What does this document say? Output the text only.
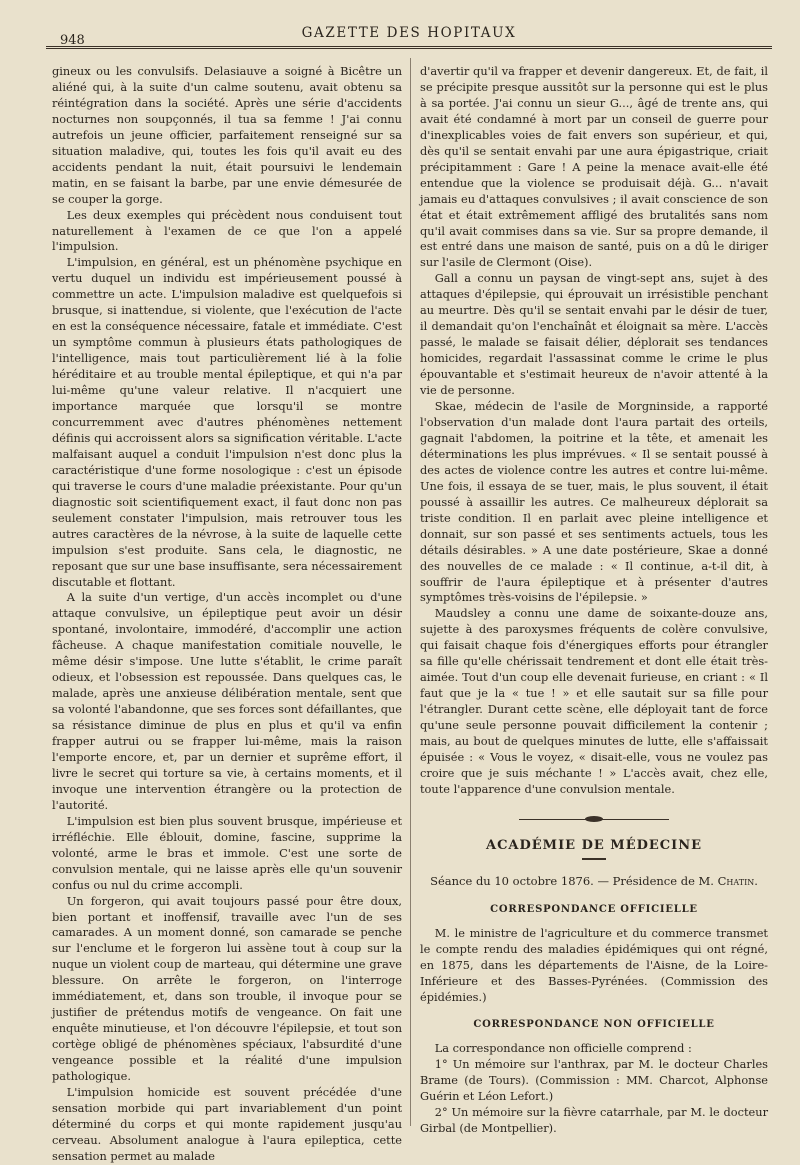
948	GAZETTE DES HOPITAUX

gineux ou les convulsifs. Delasiauve a soigné à Bicêtre un aliéné qui, à la suite d'un calme soutenu, avait obtenu sa réintégration dans la société. Après une série d'accidents nocturnes non soupçonnés, il tua sa femme ! J'ai connu autrefois un jeune officier, parfaitement renseigné sur sa situation maladive, qui, toutes les fois qu'il avait eu des accidents pendant la nuit, était poursuivi le lendemain matin, en se faisant la barbe, par une envie démesurée de se couper la gorge.

Les deux exemples qui précèdent nous conduisent tout naturellement à l'examen de ce que l'on a appelé l'impulsion.

L'impulsion, en général, est un phénomène psychique en vertu duquel un individu est impérieusement poussé à commettre un acte. L'impulsion maladive est quelquefois si brusque, si inattendue, si violente, que l'exécution de l'acte en est la conséquence nécessaire, fatale et immédiate. C'est un symptôme commun à plusieurs états pathologiques de l'intelligence, mais tout particulièrement lié à la folie héréditaire et au trouble mental épileptique, et qui n'a par lui-même qu'une valeur relative. Il n'acquiert une importance marquée que lorsqu'il se montre concurremment avec d'autres phénomènes nettement définis qui accroissent alors sa signification véritable. L'acte malfaisant auquel a conduit l'impulsion n'est donc plus la caractéristique d'une forme nosologique : c'est un épisode qui traverse le cours d'une maladie préexistante. Pour qu'un diagnostic soit scientifiquement exact, il faut donc non pas seulement constater l'impulsion, mais retrouver tous les autres caractères de la névrose, à la suite de laquelle cette impulsion s'est produite. Sans cela, le diagnostic, ne reposant que sur une base insuffisante, sera nécessairement discutable et flottant.

A la suite d'un vertige, d'un accès incomplet ou d'une attaque convulsive, un épileptique peut avoir un désir spontané, involontaire, immodéré, d'accomplir une action fâcheuse. A chaque manifestation comitiale nouvelle, le même désir s'impose. Une lutte s'établit, le crime paraît odieux, et l'obsession est repoussée. Dans quelques cas, le malade, après une anxieuse délibération mentale, sent que sa volonté l'abandonne, que ses forces sont défaillantes, que sa résistance diminue de plus en plus et qu'il va enfin frapper autrui ou se frapper lui-même, mais la raison l'emporte encore, et, par un dernier et suprême effort, il livre le secret qui torture sa vie, à certains moments, et il invoque une intervention étrangère ou la protection de l'autorité.

L'impulsion est bien plus souvent brusque, impérieuse et irréfléchie. Elle éblouit, domine, fascine, supprime la volonté, arme le bras et immole. C'est une sorte de convulsion mentale, qui ne laisse après elle qu'un souvenir confus ou nul du crime accompli.

Un forgeron, qui avait toujours passé pour être doux, bien portant et inoffensif, travaille avec l'un de ses camarades. A un moment donné, son camarade se penche sur l'enclume et le forgeron lui assène tout à coup sur la nuque un violent coup de marteau, qui détermine une grave blessure. On arrête le forgeron, on l'interroge immédiatement, et, dans son trouble, il invoque pour se justifier de prétendus motifs de vengeance. On fait une enquête minutieuse, et l'on découvre l'épilepsie, et tout son cortège obligé de phénomènes spéciaux, l'absurdité d'une vengeance possible et la réalité d'une impulsion pathologique.

L'impulsion homicide est souvent précédée d'une sensation morbide qui part invariablement d'un point déterminé du corps et qui monte rapidement jusqu'au cerveau. Absolument analogue à l'aura epileptica, cette sensation permet au malade

d'avertir qu'il va frapper et devenir dangereux. Et, de fait, il se précipite presque aussitôt sur la personne qui est le plus à sa portée. J'ai connu un sieur G..., âgé de trente ans, qui avait été condamné à mort par un conseil de guerre pour d'inexplicables voies de fait envers son supérieur, et qui, dès qu'il se sentait envahi par une aura épigastrique, criait précipitamment : Gare ! A peine la menace avait-elle été entendue que la violence se produisait déjà. G... n'avait jamais eu d'attaques convulsives ; il avait conscience de son état et était extrêmement affligé des brutalités sans nom qu'il avait commises dans sa vie. Sur sa propre demande, il est entré dans une maison de santé, puis on a dû le diriger sur l'asile de Clermont (Oise).

Gall a connu un paysan de vingt-sept ans, sujet à des attaques d'épilepsie, qui éprouvait un irrésistible penchant au meurtre. Dès qu'il se sentait envahi par le désir de tuer, il demandait qu'on l'enchaînât et éloignait sa mère. L'accès passé, le malade se faisait délier, déplorait ses tendances homicides, regardait l'assassinat comme le crime le plus épouvantable et s'estimait heureux de n'avoir attenté à la vie de personne.

Skae, médecin de l'asile de Morgninside, a rapporté l'observation d'un malade dont l'aura partait des orteils, gagnait l'abdomen, la poitrine et la tête, et amenait les déterminations les plus imprévues. « Il se sentait poussé à des actes de violence contre les autres et contre lui-même. Une fois, il essaya de se tuer, mais, le plus souvent, il était poussé à assaillir les autres. Ce malheureux déplorait sa triste condition. Il en parlait avec pleine intelligence et donnait, sur son passé et ses sentiments actuels, tous les détails désirables. » A une date postérieure, Skae a donné des nouvelles de ce malade : « Il continue, a-t-il dit, à souffrir de l'aura épileptique et à présenter d'autres symptômes très-voisins de l'épilepsie. »

Maudsley a connu une dame de soixante-douze ans, sujette à des paroxysmes fréquents de colère convulsive, qui faisait chaque fois d'énergiques efforts pour étrangler sa fille qu'elle chérissait tendrement et dont elle était très-aimée. Tout d'un coup elle devenait furieuse, en criant : « Il faut que je la « tue ! » et elle sautait sur sa fille pour l'étrangler. Durant cette scène, elle déployait tant de force qu'une seule personne pouvait difficilement la contenir ; mais, au bout de quelques minutes de lutte, elle s'affaissait épuisée : « Vous le voyez, « disait-elle, vous ne voulez pas croire que je suis méchante ! » L'accès avait, chez elle, toute l'apparence d'une convulsion mentale.

ACADÉMIE DE MÉDECINE

Séance du 10 octobre 1876. — Présidence de M. Chatin.

CORRESPONDANCE OFFICIELLE

M. le ministre de l'agriculture et du commerce transmet le compte rendu des maladies épidémiques qui ont régné, en 1875, dans les départements de l'Aisne, de la Loire-Inférieure et des Basses-Pyrénées. (Commission des épidémies.)

CORRESPONDANCE NON OFFICIELLE

La correspondance non officielle comprend :

1° Un mémoire sur l'anthrax, par M. le docteur Charles Brame (de Tours). (Commission : MM. Charcot, Alphonse Guérin et Léon Lefort.)

2° Un mémoire sur la fièvre catarrhale, par M. le docteur Girbal (de Montpellier).
